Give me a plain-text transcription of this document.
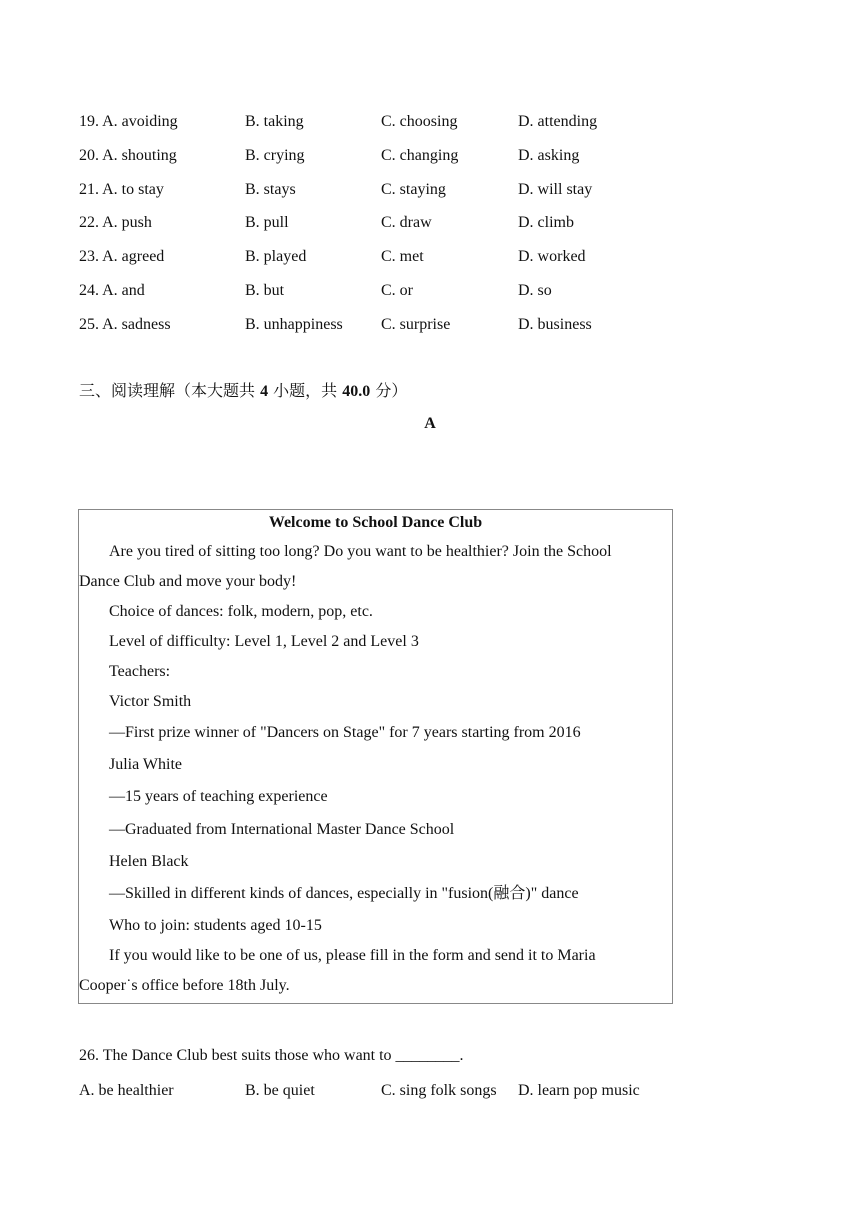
19. A. avoiding	B. taking	C. choosing	D. attending
20. A. shouting	B. crying	C. changing	D. asking
21. A. to stay	B. stays	C. staying	D. will stay
22. A. push	B. pull	C. draw	D. climb
23. A. agreed	B. played	C. met	D. worked
24. A. and	B. but	C. or	D. so
25. A. sadness	B. unhappiness C. surprise	D. business
三、阅读理解（本大题共 4 小题，共 40.0 分）
A
Welcome to School Dance Club
Are you tired of sitting too long? Do you want to be healthier? Join the School
Dance Club and move your body!
Choice of dances: folk, modern, pop, etc.
Level of difficulty: Level 1, Level 2 and Level 3
Teachers:
Victor Smith
—First prize winner of "Dancers on Stage" for 7 years starting from 2016
Julia White
—15 years of teaching experience
—Graduated from International Master Dance School
Helen Black
—Skilled in different kinds of dances, especially in "fusion(融合)" dance
Who to join: students aged 10-15
If you would like to be one of us, please fill in the form and send it to Maria
Cooper˙s office before 18th July.
26. The Dance Club best suits those who want to ________.
A. be healthier	B. be quiet	C. sing folk songs D. learn pop music
